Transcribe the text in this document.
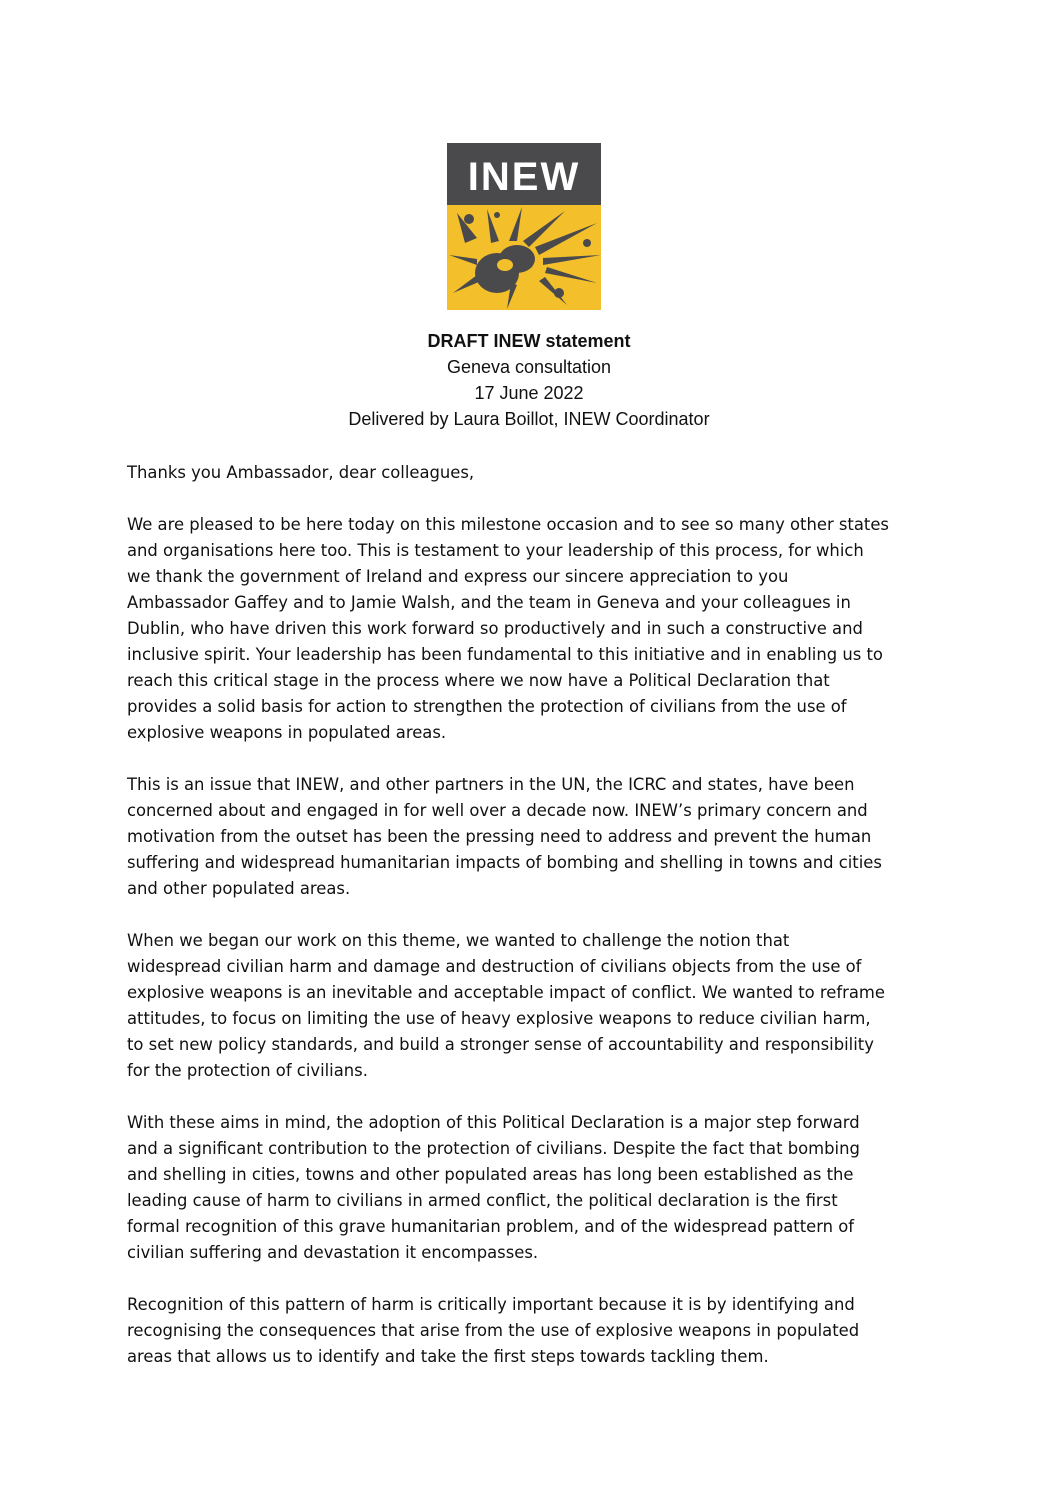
INEW
DRAFT INEW statement
Geneva consultation
17 June 2022
Delivered by Laura Boillot, INEW Coordinator

Thanks you Ambassador, dear colleagues,

We are pleased to be here today on this milestone occasion and to see so many other states
and organisations here too. This is testament to your leadership of this process, for which
we thank the government of Ireland and express our sincere appreciation to you
Ambassador Gaffey and to Jamie Walsh, and the team in Geneva and your colleagues in
Dublin, who have driven this work forward so productively and in such a constructive and
inclusive spirit. Your leadership has been fundamental to this initiative and in enabling us to
reach this critical stage in the process where we now have a Political Declaration that
provides a solid basis for action to strengthen the protection of civilians from the use of
explosive weapons in populated areas.

This is an issue that INEW, and other partners in the UN, the ICRC and states, have been
concerned about and engaged in for well over a decade now. INEW’s primary concern and
motivation from the outset has been the pressing need to address and prevent the human
suffering and widespread humanitarian impacts of bombing and shelling in towns and cities
and other populated areas.

When we began our work on this theme, we wanted to challenge the notion that
widespread civilian harm and damage and destruction of civilians objects from the use of
explosive weapons is an inevitable and acceptable impact of conflict. We wanted to reframe
attitudes, to focus on limiting the use of heavy explosive weapons to reduce civilian harm,
to set new policy standards, and build a stronger sense of accountability and responsibility
for the protection of civilians.

With these aims in mind, the adoption of this Political Declaration is a major step forward
and a significant contribution to the protection of civilians. Despite the fact that bombing
and shelling in cities, towns and other populated areas has long been established as the
leading cause of harm to civilians in armed conflict, the political declaration is the first
formal recognition of this grave humanitarian problem, and of the widespread pattern of
civilian suffering and devastation it encompasses.

Recognition of this pattern of harm is critically important because it is by identifying and
recognising the consequences that arise from the use of explosive weapons in populated
areas that allows us to identify and take the first steps towards tackling them.
